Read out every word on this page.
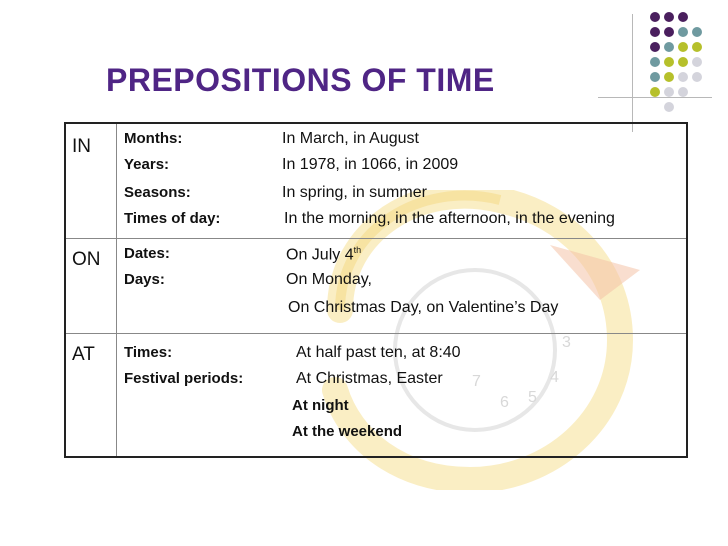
3
4
5
6
7
PREPOSITIONS OF TIME
IN Months:	In March, in August
Years:	In 1978, in 1066, in 2009
Seasons:	In spring, in summer
Times of day:	In the morning, in the afternoon, in the evening
ON Dates:	On July 4th
Days:	On Monday,
On Christmas Day, on Valentine’s Day
AT Times:	At half past ten, at 8:40
Festival periods:	At Christmas, Easter
At night
At the weekend
